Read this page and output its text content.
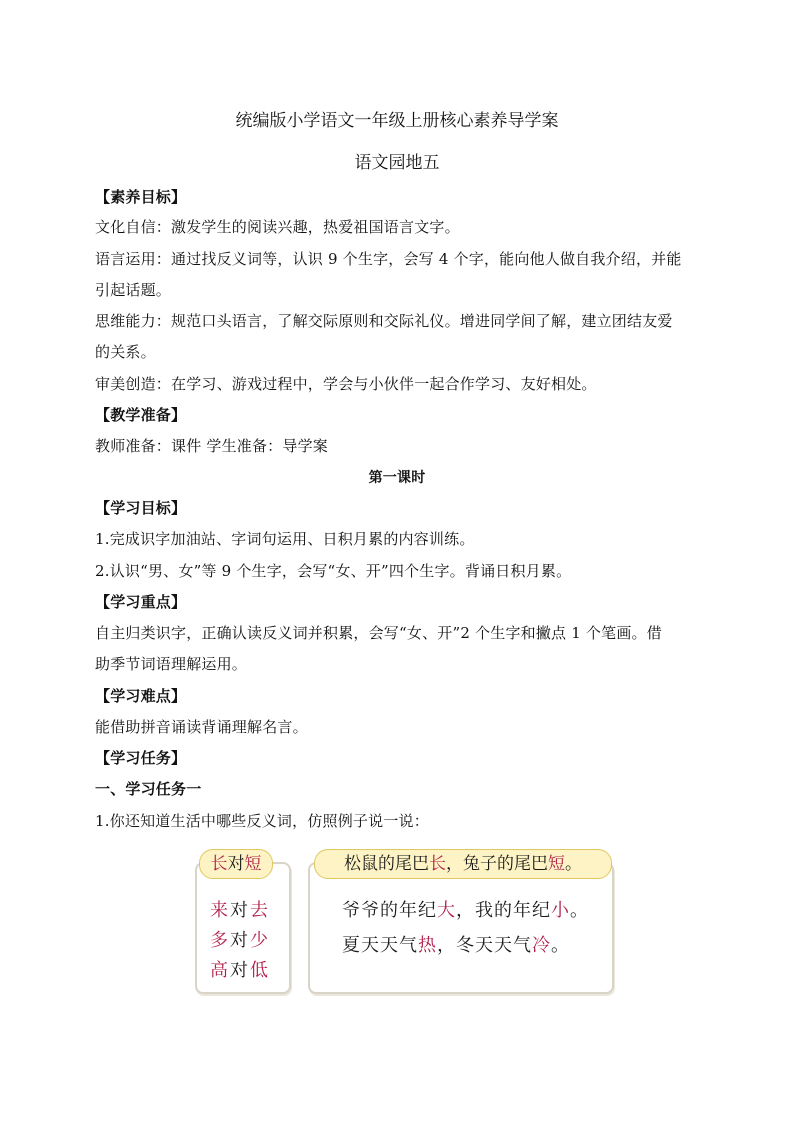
统编版小学语文一年级上册核心素养导学案
语文园地五
【素养目标】
文化自信：激发学生的阅读兴趣，热爱祖国语言文字。
语言运用：通过找反义词等，认识 9 个生字，会写 4 个字，能向他人做自我介绍，并能
引起话题。
思维能力：规范口头语言，了解交际原则和交际礼仪。增进同学间了解，建立团结友爱
的关系。
审美创造：在学习、游戏过程中，学会与小伙伴一起合作学习、友好相处。
【教学准备】
教师准备：课件 学生准备：导学案
第一课时
【学习目标】
1.完成识字加油站、字词句运用、日积月累的内容训练。
2.认识“男、女”等 9 个生字，会写“女、开”四个生字。背诵日积月累。
【学习重点】
自主归类识字，正确认读反义词并积累，会写“女、开”2 个生字和撇点 1 个笔画。借
助季节词语理解运用。
【学习难点】
能借助拼音诵读背诵理解名言。
【学习任务】
一、学习任务一
1.你还知道生活中哪些反义词，仿照例子说一说：
长对短	松鼠的尾巴长，兔子的尾巴短。
来对去
多对少
高对低
爷爷的年纪大，我的年纪小。
夏天天气热，冬天天气冷。
